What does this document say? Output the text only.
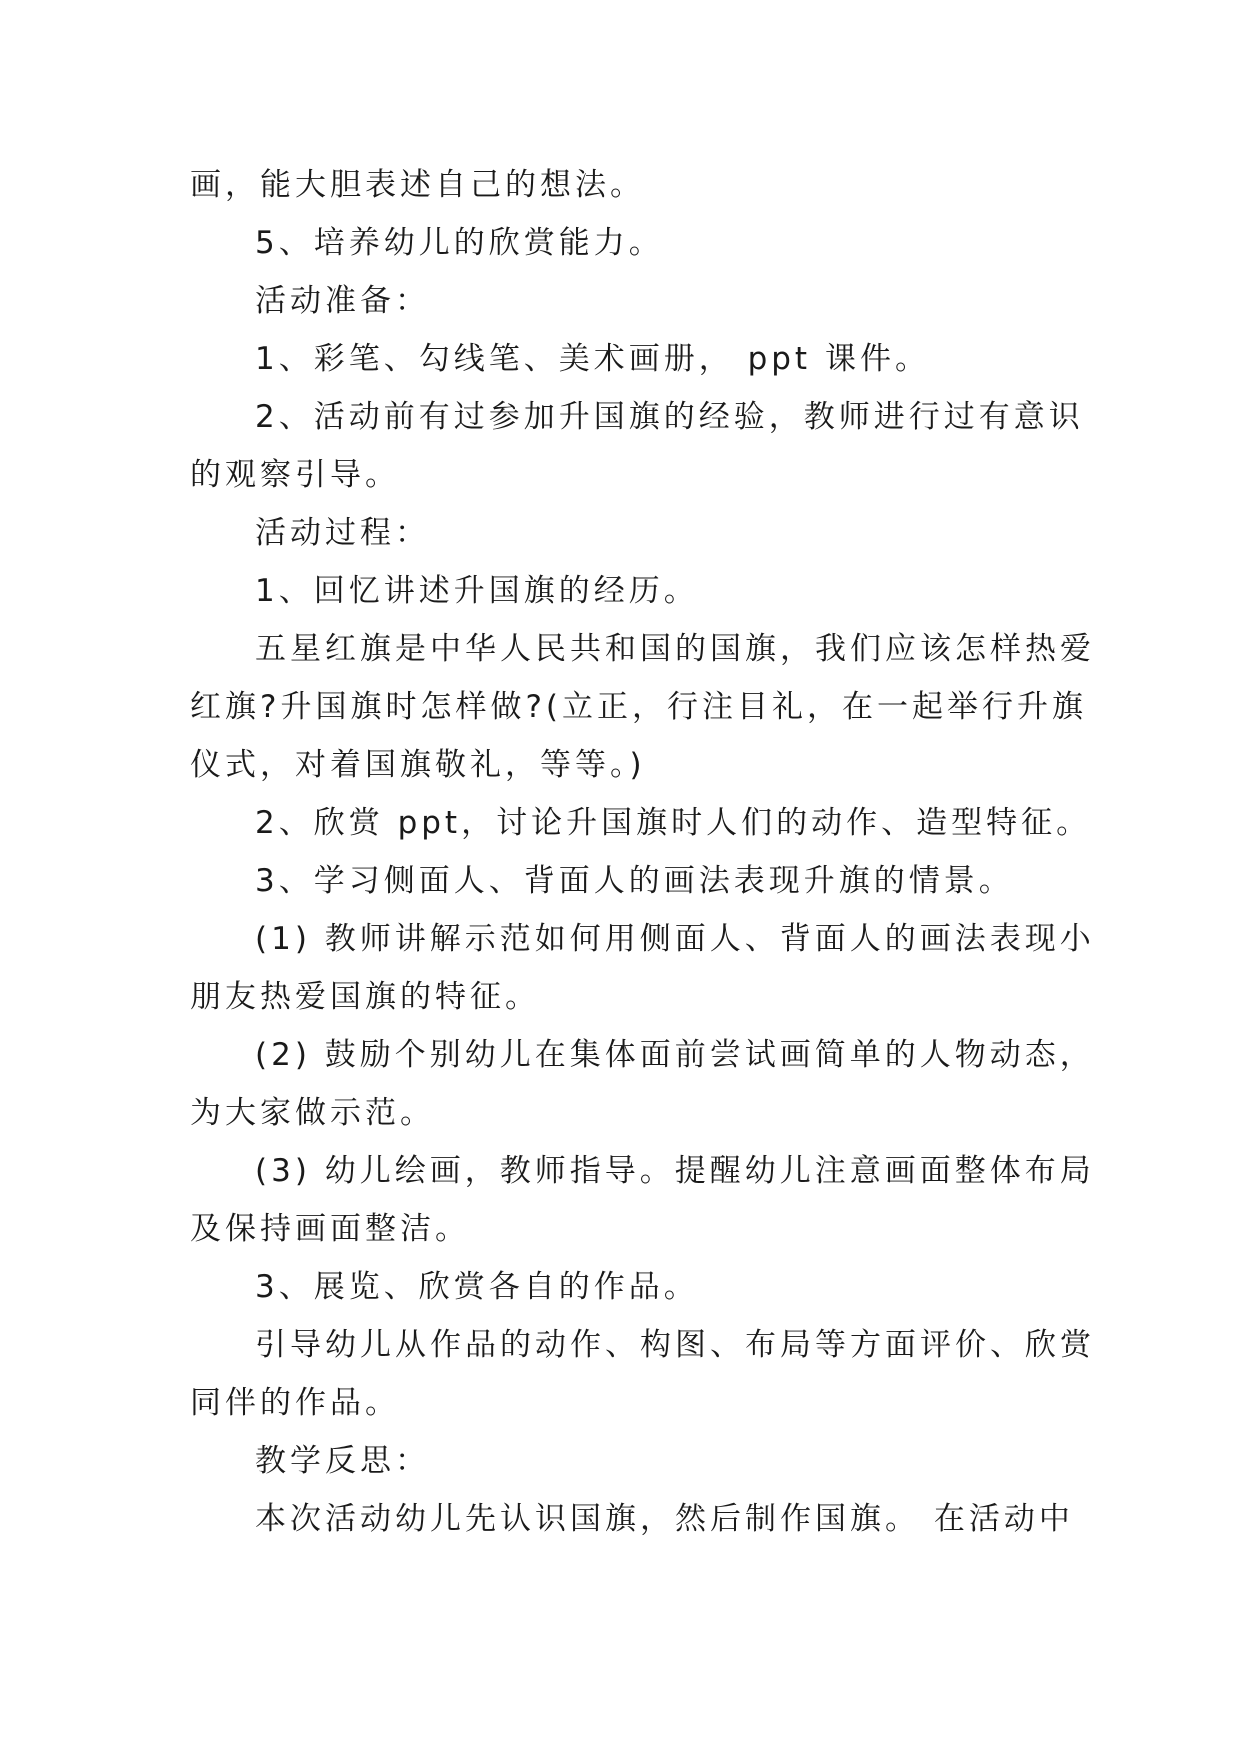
画，能大胆表述自己的想法。
5、培养幼儿的欣赏能力。
活动准备：
1、彩笔、勾线笔、美术画册， ppt 课件。
2、活动前有过参加升国旗的经验，教师进行过有意识
的观察引导。
活动过程：
1、回忆讲述升国旗的经历。
五星红旗是中华人民共和国的国旗，我们应该怎样热爱
红旗?升国旗时怎样做?(立正，行注目礼，在一起举行升旗
仪式，对着国旗敬礼，等等。)
2、欣赏 ppt，讨论升国旗时人们的动作、造型特征。
3、学习侧面人、背面人的画法表现升旗的情景。
(1) 教师讲解示范如何用侧面人、背面人的画法表现小
朋友热爱国旗的特征。
(2) 鼓励个别幼儿在集体面前尝试画简单的人物动态，
为大家做示范。
(3) 幼儿绘画，教师指导。提醒幼儿注意画面整体布局
及保持画面整洁。
3、展览、欣赏各自的作品。
引导幼儿从作品的动作、构图、布局等方面评价、欣赏
同伴的作品。
教学反思：
本次活动幼儿先认识国旗，然后制作国旗。 在活动中
